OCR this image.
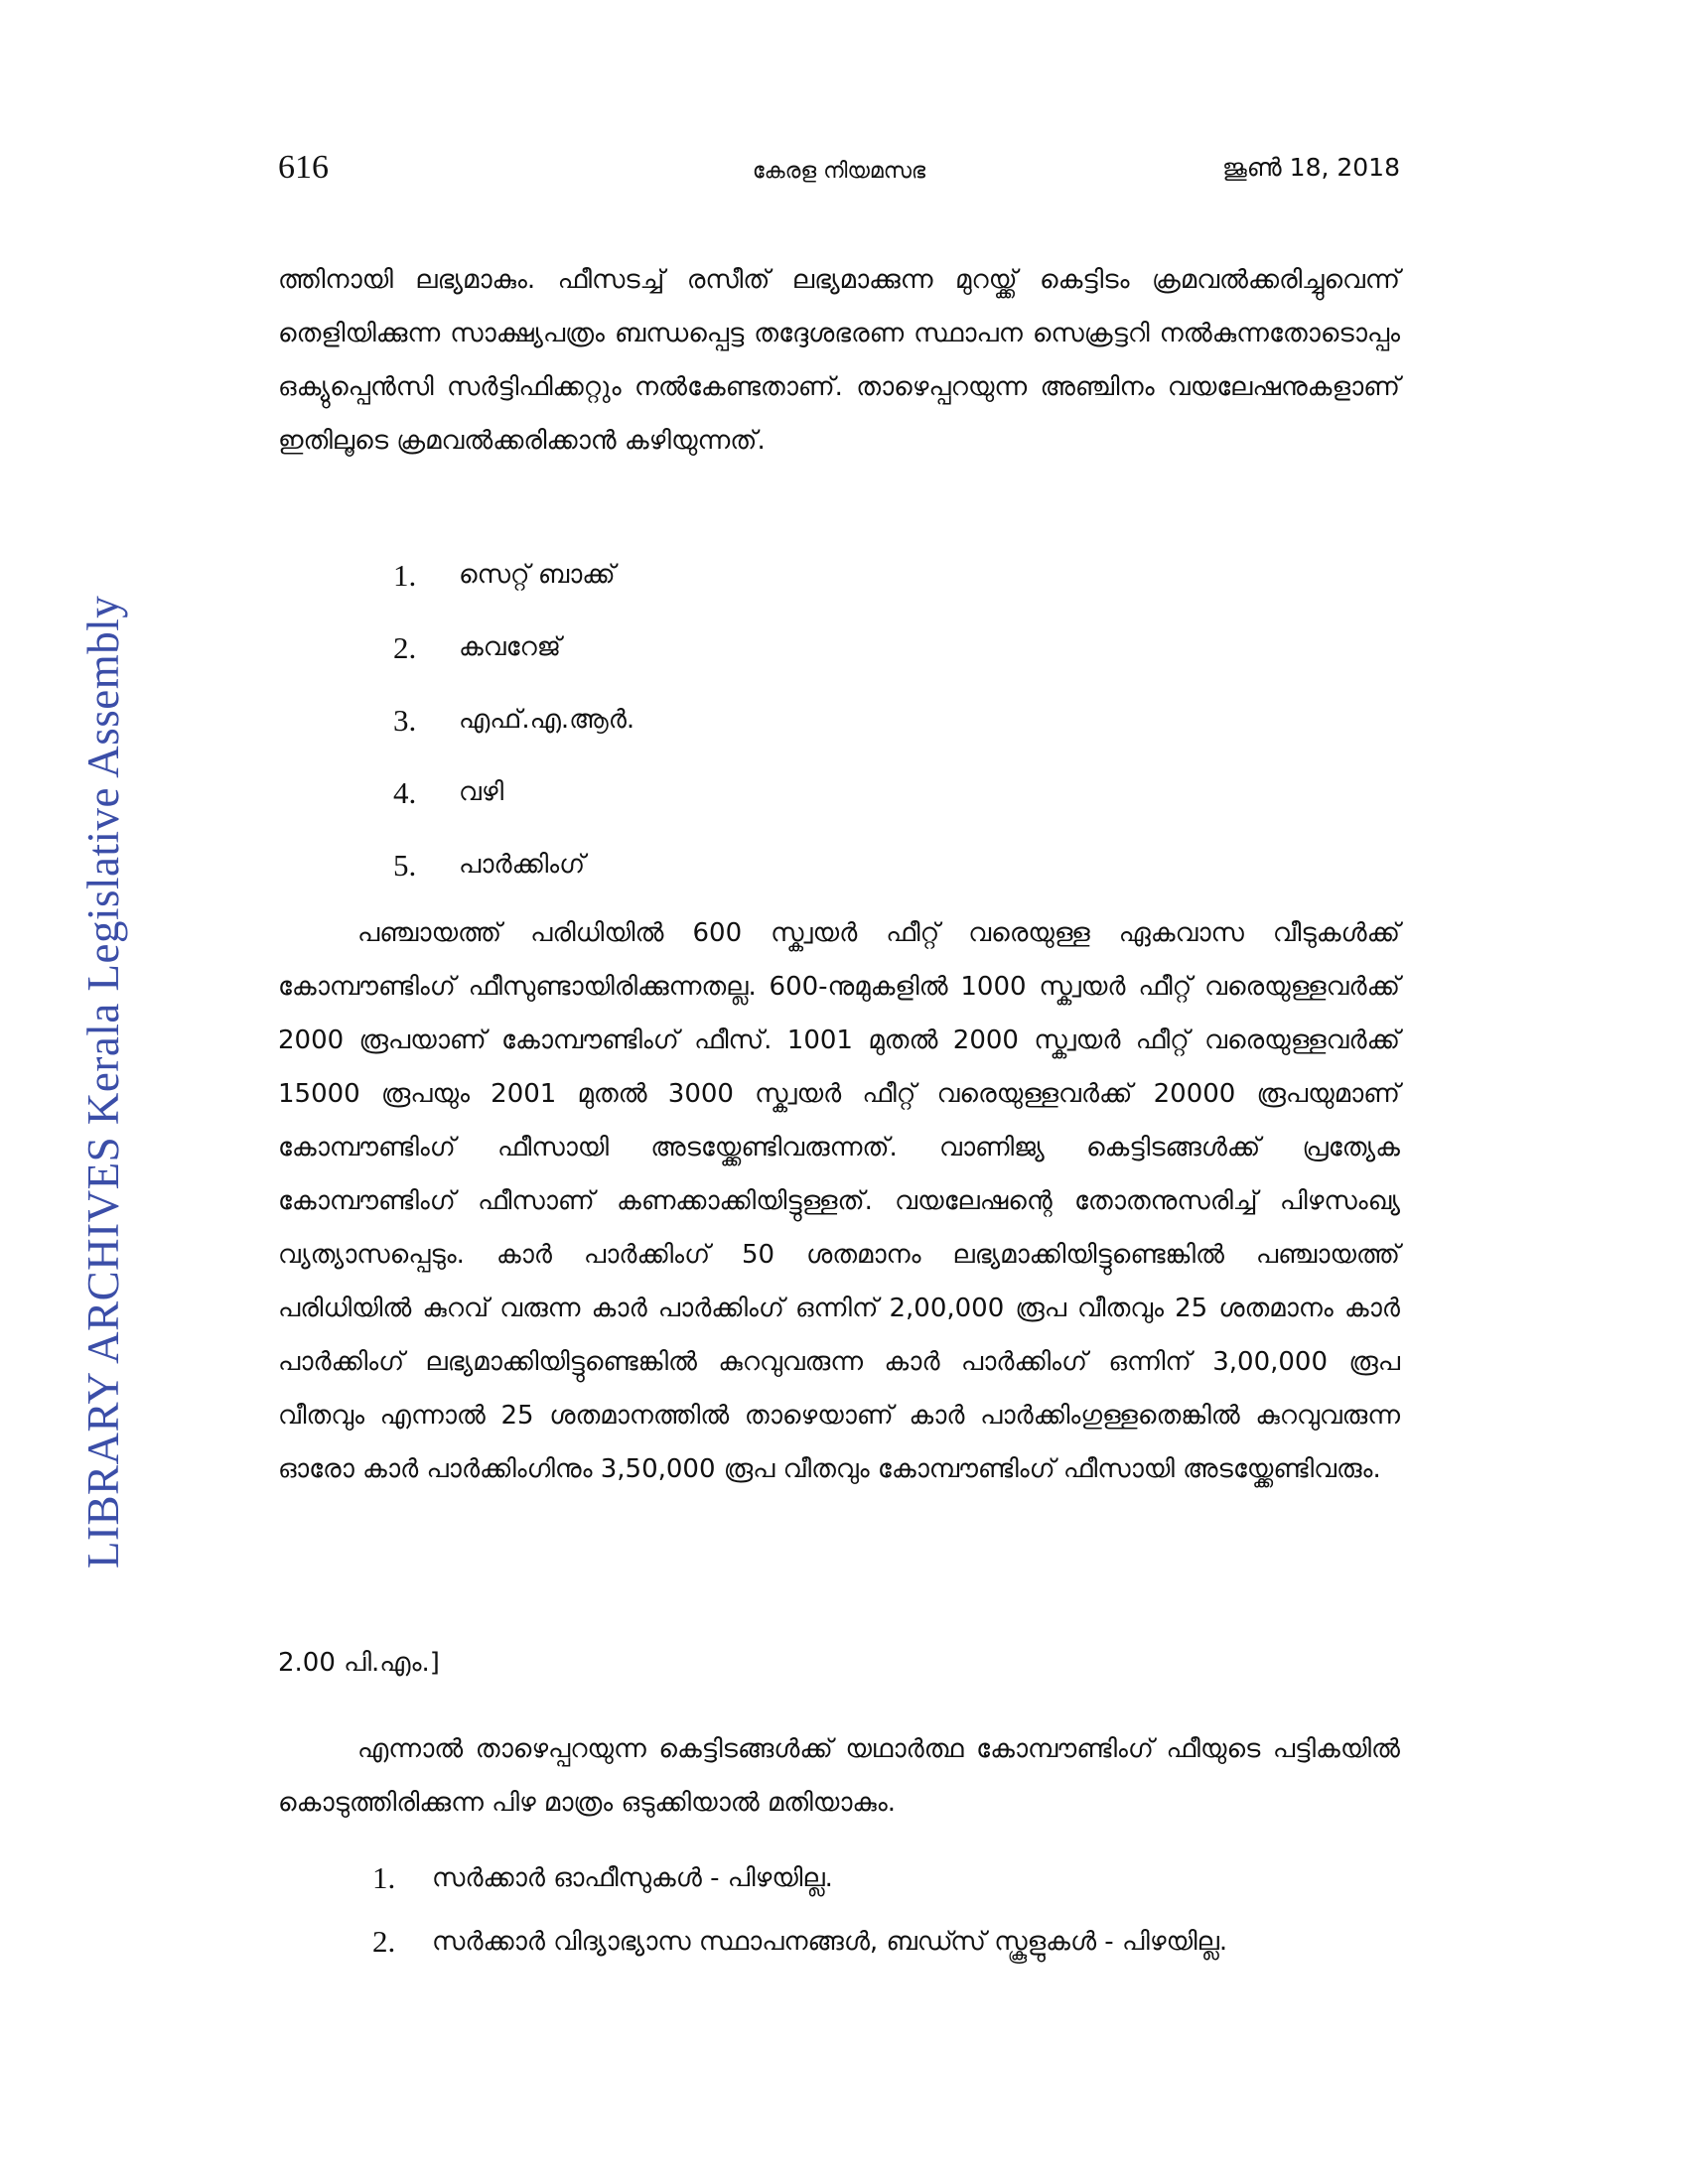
616	കേരള നിയമസഭ	ജൂൺ 18, 2018
LIBRARY ARCHIVES Kerala Legislative Assembly

ത്തിനായി ലഭ്യമാകും. ഫീസടച്ച് രസീത് ലഭ്യമാക്കുന്ന മുറയ്ക്ക് കെട്ടിടം ക്രമവൽക്കരിച്ചുവെന്ന് തെളിയിക്കുന്ന സാക്ഷ്യപത്രം ബന്ധപ്പെട്ട തദ്ദേശഭരണ സ്ഥാപന സെക്രട്ടറി നൽകുന്നതോടൊപ്പം ഒക്യുപ്പെൻസി സർട്ടിഫിക്കറ്റും നൽകേണ്ടതാണ്. താഴെപ്പറയുന്ന അഞ്ചിനം വയലേഷനുകളാണ് ഇതിലൂടെ ക്രമവൽക്കരിക്കാൻ കഴിയുന്നത്.

1.	സെറ്റ് ബാക്ക്
2.	കവറേജ്
3.	എഫ്.എ.ആർ.
4.	വഴി
5.	പാർക്കിംഗ്

പഞ്ചായത്ത് പരിധിയിൽ 600 സ്ക്വയർ ഫീറ്റ് വരെയുള്ള ഏകവാസ വീടുകൾക്ക് കോമ്പൗണ്ടിംഗ് ഫീസുണ്ടായിരിക്കുന്നതല്ല. 600-നുമുകളിൽ 1000 സ്ക്വയർ ഫീറ്റ് വരെയുള്ളവർക്ക് 2000 രൂപയാണ് കോമ്പൗണ്ടിംഗ് ഫീസ്. 1001 മുതൽ 2000 സ്ക്വയർ ഫീറ്റ് വരെയുള്ളവർക്ക് 15000 രൂപയും 2001 മുതൽ 3000 സ്ക്വയർ ഫീറ്റ് വരെയുള്ളവർക്ക് 20000 രൂപയുമാണ് കോമ്പൗണ്ടിംഗ് ഫീസായി അടയ്ക്കേണ്ടിവരുന്നത്. വാണിജ്യ കെട്ടിടങ്ങൾക്ക് പ്രത്യേക കോമ്പൗണ്ടിംഗ് ഫീസാണ് കണക്കാക്കിയിട്ടുള്ളത്. വയലേഷന്റെ തോതനുസരിച്ച് പിഴസംഖ്യ വ്യത്യാസപ്പെടും. കാർ പാർക്കിംഗ് 50 ശതമാനം ലഭ്യമാക്കിയിട്ടുണ്ടെങ്കിൽ പഞ്ചായത്ത് പരിധിയിൽ കുറവ് വരുന്ന കാർ പാർക്കിംഗ് ഒന്നിന് 2,00,000 രൂപ വീതവും 25 ശതമാനം കാർ പാർക്കിംഗ് ലഭ്യമാക്കിയിട്ടുണ്ടെങ്കിൽ കുറവുവരുന്ന കാർ പാർക്കിംഗ് ഒന്നിന് 3,00,000 രൂപ വീതവും എന്നാൽ 25 ശതമാനത്തിൽ താഴെയാണ് കാർ പാർക്കിംഗുള്ളതെങ്കിൽ കുറവുവരുന്ന ഓരോ കാർ പാർക്കിംഗിനും 3,50,000 രൂപ വീതവും കോമ്പൗണ്ടിംഗ് ഫീസായി അടയ്ക്കേണ്ടിവരും.

2.00 പി.എം.]

എന്നാൽ താഴെപ്പറയുന്ന കെട്ടിടങ്ങൾക്ക് യഥാർത്ഥ കോമ്പൗണ്ടിംഗ് ഫീയുടെ പട്ടികയിൽ കൊടുത്തിരിക്കുന്ന പിഴ മാത്രം ഒടുക്കിയാൽ മതിയാകും.

1.	സർക്കാർ ഓഫീസുകൾ - പിഴയില്ല.
2.	സർക്കാർ വിദ്യാഭ്യാസ സ്ഥാപനങ്ങൾ, ബഡ്സ് സ്കൂളുകൾ - പിഴയില്ല.
